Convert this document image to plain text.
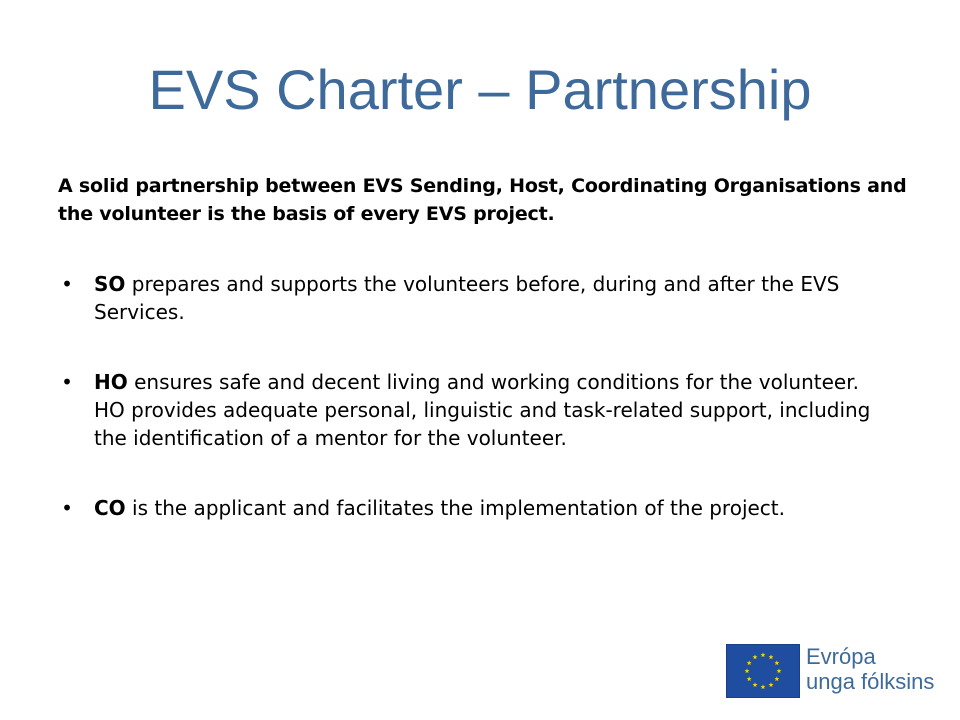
EVS Charter – Partnership
A solid partnership between EVS Sending, Host, Coordinating Organisations and the volunteer is the basis of every EVS project.
• SO prepares and supports the volunteers before, during and after the EVS Services.
• HO ensures safe and decent living and working conditions for the volunteer. HO provides adequate personal, linguistic and task-related support, including the identification of a mentor for the volunteer.
• CO is the applicant and facilitates the implementation of the project.
Evrópa
unga fólksins
